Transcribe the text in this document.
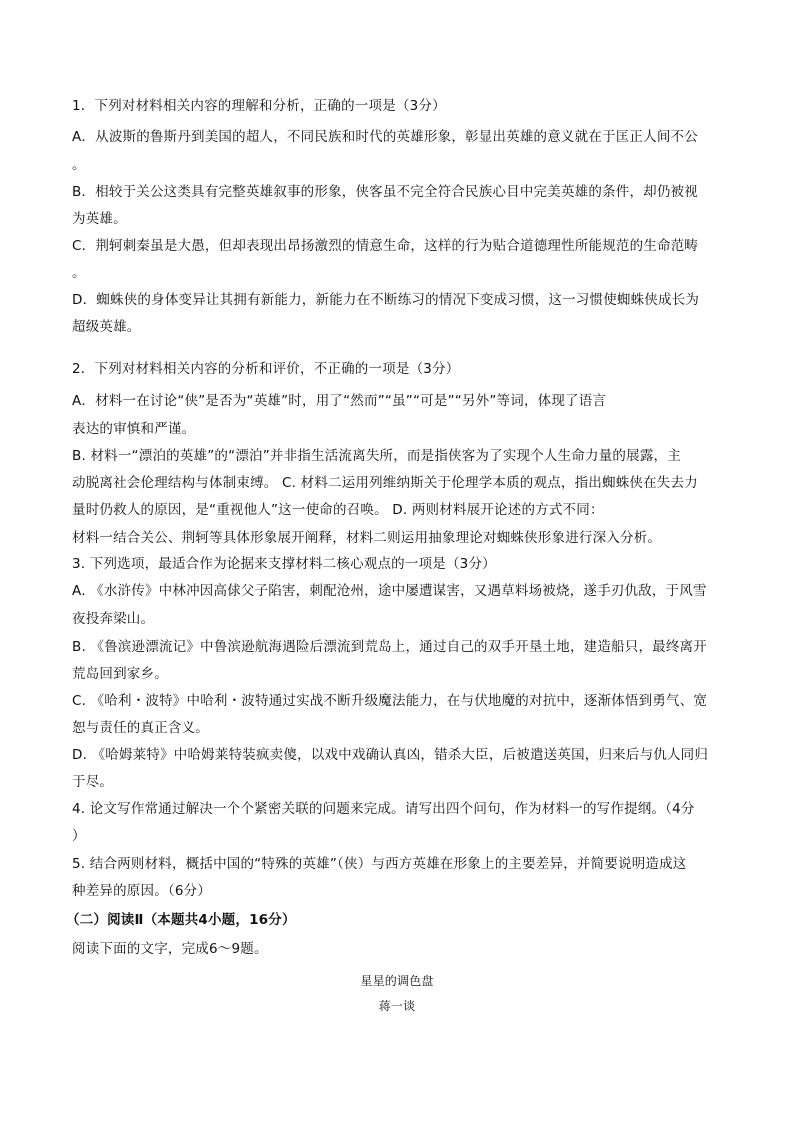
1．下列对材料相关内容的理解和分析，正确的一项是（3分）
A．从波斯的鲁斯丹到美国的超人，不同民族和时代的英雄形象，彰显出英雄的意义就在于匡正人间不公
。
B．相较于关公这类具有完整英雄叙事的形象，侠客虽不完全符合民族心目中完美英雄的条件，却仍被视
为英雄。
C．荆轲刺秦虽是大愚，但却表现出昂扬激烈的情意生命，这样的行为贴合道德理性所能规范的生命范畴
。
D．蜘蛛侠的身体变异让其拥有新能力，新能力在不断练习的情况下变成习惯，这一习惯使蜘蛛侠成长为
超级英雄。
2．下列对材料相关内容的分析和评价，不正确的一项是（3分）
A．材料一在讨论“侠”是否为“英雄”时，用了“然而”“虽”“可是”“另外”等词，体现了语言
表达的审慎和严谨。
B. 材料一“漂泊的英雄”的“漂泊”并非指生活流离失所，而是指侠客为了实现个人生命力量的展露，主
动脱离社会伦理结构与体制束缚。 C. 材料二运用列维纳斯关于伦理学本质的观点，指出蜘蛛侠在失去力
量时仍救人的原因，是“重视他人”这一使命的召唤。 D. 两则材料展开论述的方式不同：
材料一结合关公、荆轲等具体形象展开阐释，材料二则运用抽象理论对蜘蛛侠形象进行深入分析。
3. 下列选项，最适合作为论据来支撑材料二核心观点的一项是（3分）
A. 《水浒传》中林冲因高俅父子陷害，刺配沧州，途中屡遭谋害，又遇草料场被烧，遂手刃仇敌，于风雪
夜投奔梁山。
B. 《鲁滨逊漂流记》中鲁滨逊航海遇险后漂流到荒岛上，通过自己的双手开垦土地，建造船只，最终离开
荒岛回到家乡。
C. 《哈利・波特》中哈利・波特通过实战不断升级魔法能力，在与伏地魔的对抗中，逐渐体悟到勇气、宽
恕与责任的真正含义。
D. 《哈姆莱特》中哈姆莱特装疯卖傻，以戏中戏确认真凶，错杀大臣，后被遣送英国，归来后与仇人同归
于尽。
4. 论文写作常通过解决一个个紧密关联的问题来完成。请写出四个问句，作为材料一的写作提纲。（4分
）
5. 结合两则材料，概括中国的“特殊的英雄”（侠）与西方英雄在形象上的主要差异，并简要说明造成这
种差异的原因。（6分）
（二）阅读Ⅱ（本题共4小题，16分）
阅读下面的文字，完成6～9题。
星星的调色盘
蒋一谈
